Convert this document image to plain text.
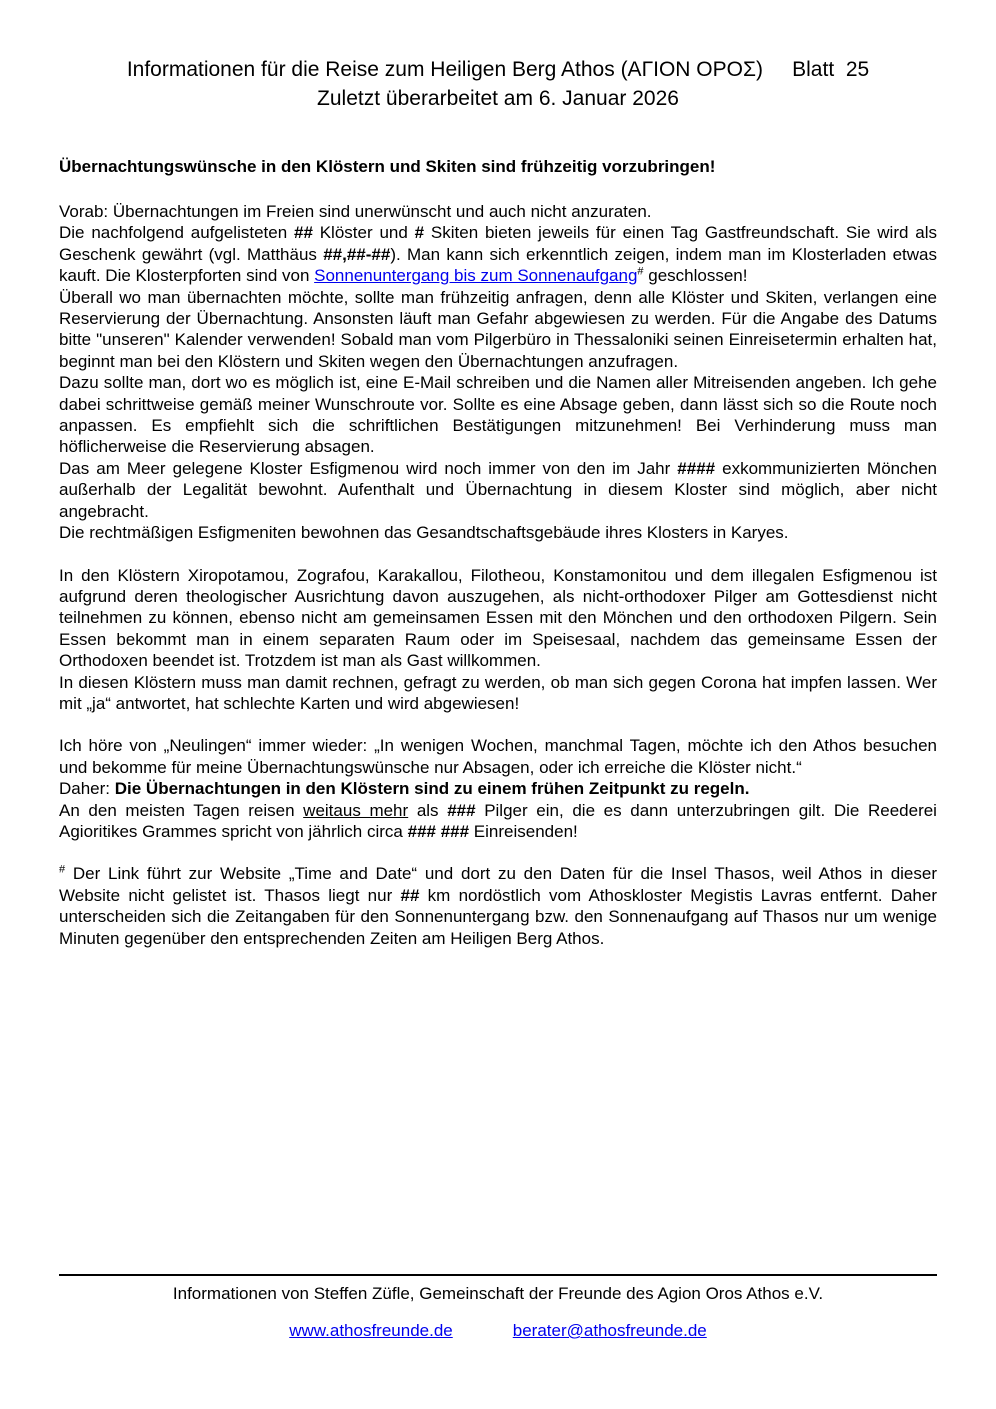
Informationen für die Reise zum Heiligen Berg Athos (ΑΓΙΟΝ ΟΡΟΣ)     Blatt  25
Zuletzt überarbeitet am 6. Januar 2026
Übernachtungswünsche in den Klöstern und Skiten sind frühzeitig vorzubringen!

Vorab: Übernachtungen im Freien sind unerwünscht und auch nicht anzuraten.

Die nachfolgend aufgelisteten ## Klöster und # Skiten bieten jeweils für einen Tag Gastfreundschaft. Sie wird als Geschenk gewährt (vgl. Matthäus ##,##-##). Man kann sich erkenntlich zeigen, indem man im Klosterladen etwas kauft. Die Klosterpforten sind von Sonnenuntergang bis zum Sonnenaufgang# geschlossen!

Überall wo man übernachten möchte, sollte man frühzeitig anfragen, denn alle Klöster und Skiten, verlangen eine Reservierung der Übernachtung. Ansonsten läuft man Gefahr abgewiesen zu werden. Für die Angabe des Datums bitte "unseren" Kalender verwenden! Sobald man vom Pilgerbüro in Thessaloniki seinen Einreisetermin erhalten hat, beginnt man bei den Klöstern und Skiten wegen den Übernachtungen anzufragen.

Dazu sollte man, dort wo es möglich ist, eine E-Mail schreiben und die Namen aller Mitreisenden angeben. Ich gehe dabei schrittweise gemäß meiner Wunschroute vor. Sollte es eine Absage geben, dann lässt sich so die Route noch anpassen. Es empfiehlt sich die schriftlichen Bestätigungen mitzunehmen! Bei Verhinderung muss man höflicherweise die Reservierung absagen.

Das am Meer gelegene Kloster Esfigmenou wird noch immer von den im Jahr #### exkommunizierten Mönchen außerhalb der Legalität bewohnt. Aufenthalt und Übernachtung in diesem Kloster sind möglich, aber nicht angebracht.

Die rechtmäßigen Esfigmeniten bewohnen das Gesandtschaftsgebäude ihres Klosters in Karyes.

In den Klöstern Xiropotamou, Zografou, Karakallou, Filotheou, Konstamonitou und dem illegalen Esfigmenou ist aufgrund deren theologischer Ausrichtung davon auszugehen, als nicht-orthodoxer Pilger am Gottesdienst nicht teilnehmen zu können, ebenso nicht am gemeinsamen Essen mit den Mönchen und den orthodoxen Pilgern. Sein Essen bekommt man in einem separaten Raum oder im Speisesaal, nachdem das gemeinsame Essen der Orthodoxen beendet ist. Trotzdem ist man als Gast willkommen.

In diesen Klöstern muss man damit rechnen, gefragt zu werden, ob man sich gegen Corona hat impfen lassen. Wer mit „ja“ antwortet, hat schlechte Karten und wird abgewiesen!

Ich höre von „Neulingen“ immer wieder: „In wenigen Wochen, manchmal Tagen, möchte ich den Athos besuchen und bekomme für meine Übernachtungswünsche nur Absagen, oder ich erreiche die Klöster nicht.“

Daher: Die Übernachtungen in den Klöstern sind zu einem frühen Zeitpunkt zu regeln.

An den meisten Tagen reisen weitaus mehr als ### Pilger ein, die es dann unterzubringen gilt. Die Reederei Agioritikes Grammes spricht von jährlich circa ### ### Einreisenden!

# Der Link führt zur Website „Time and Date“ und dort zu den Daten für die Insel Thasos, weil Athos in dieser Website nicht gelistet ist. Thasos liegt nur ## km nordöstlich vom Athoskloster Megistis Lavras entfernt. Daher unterscheiden sich die Zeitangaben für den Sonnenuntergang bzw. den Sonnenaufgang auf Thasos nur um wenige Minuten gegenüber den entsprechenden Zeiten am Heiligen Berg Athos.

Informationen von Steffen Züfle, Gemeinschaft der Freunde des Agion Oros Athos e.V.
www.athosfreunde.de	berater@athosfreunde.de
